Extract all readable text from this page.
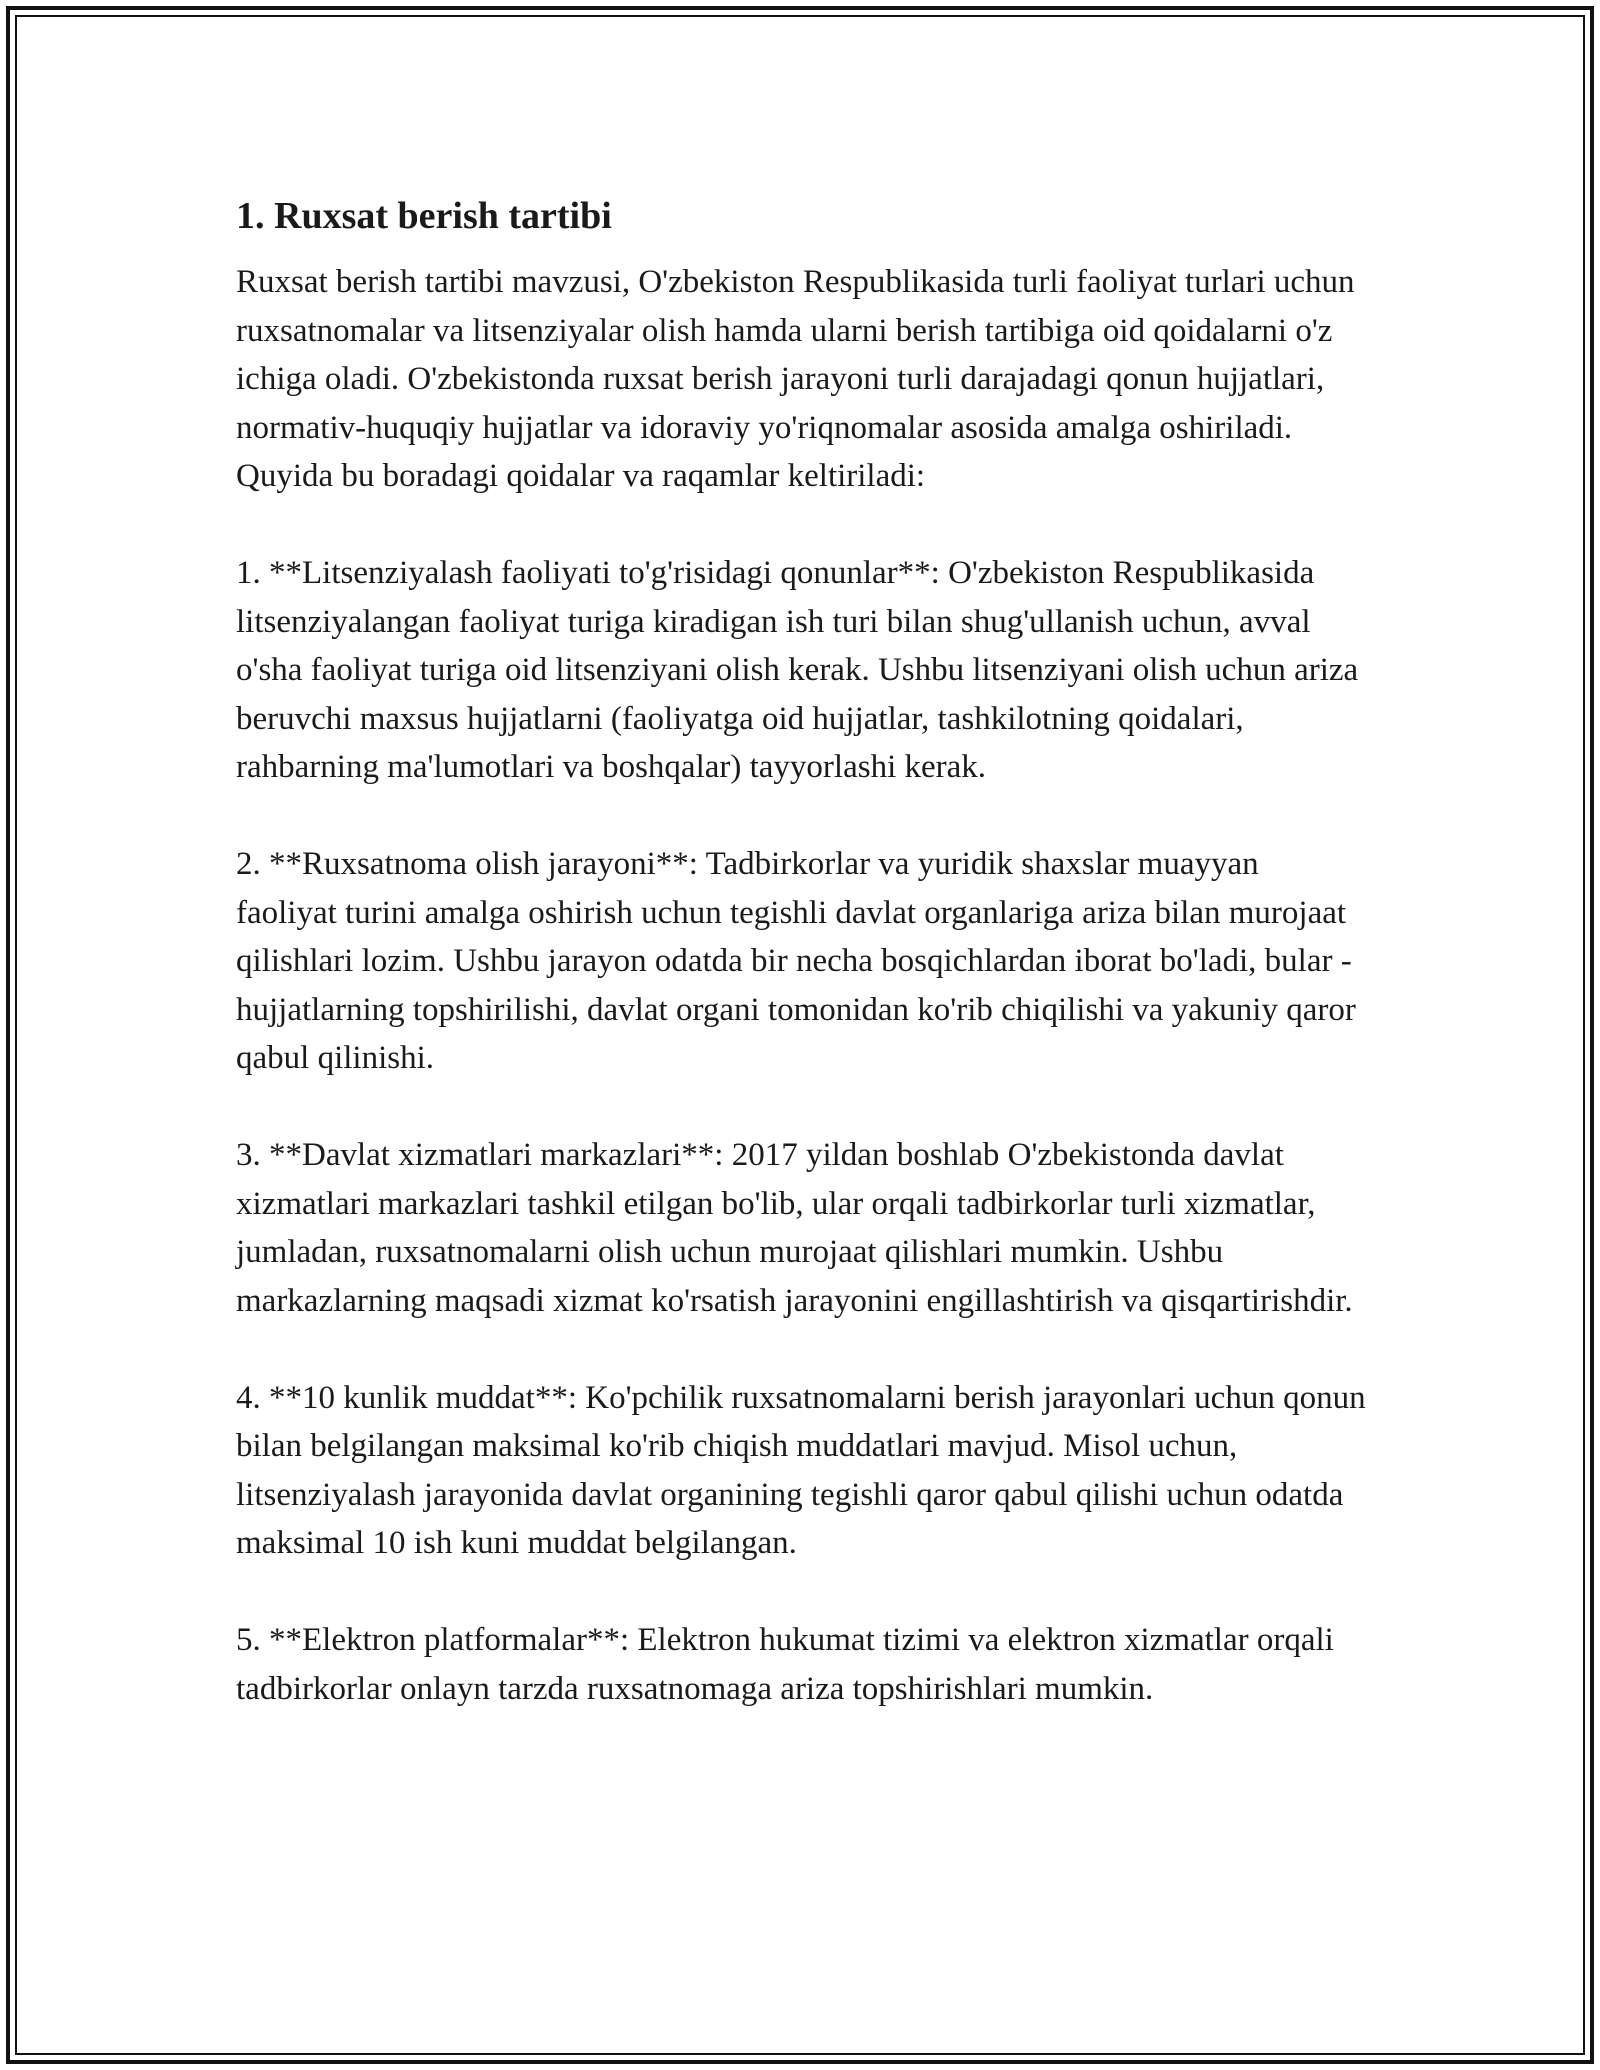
1. Ruxsat berish tartibi

Ruxsat berish tartibi mavzusi, O'zbekiston Respublikasida turli faoliyat turlari uchun ruxsatnomalar va litsenziyalar olish hamda ularni berish tartibiga oid qoidalarni o'z ichiga oladi. O'zbekistonda ruxsat berish jarayoni turli darajadagi qonun hujjatlari, normativ-huquqiy hujjatlar va idoraviy yo'riqnomalar asosida amalga oshiriladi. Quyida bu boradagi qoidalar va raqamlar keltiriladi:

1. **Litsenziyalash faoliyati to'g'risidagi qonunlar**: O'zbekiston Respublikasida litsenziyalangan faoliyat turiga kiradigan ish turi bilan shug'ullanish uchun, avval o'sha faoliyat turiga oid litsenziyani olish kerak. Ushbu litsenziyani olish uchun ariza beruvchi maxsus hujjatlarni (faoliyatga oid hujjatlar, tashkilotning qoidalari, rahbarning ma'lumotlari va boshqalar) tayyorlashi kerak.

2. **Ruxsatnoma olish jarayoni**: Tadbirkorlar va yuridik shaxslar muayyan faoliyat turini amalga oshirish uchun tegishli davlat organlariga ariza bilan murojaat qilishlari lozim. Ushbu jarayon odatda bir necha bosqichlardan iborat bo'ladi, bular - hujjatlarning topshirilishi, davlat organi tomonidan ko'rib chiqilishi va yakuniy qaror qabul qilinishi.

3. **Davlat xizmatlari markazlari**: 2017 yildan boshlab O'zbekistonda davlat xizmatlari markazlari tashkil etilgan bo'lib, ular orqali tadbirkorlar turli xizmatlar, jumladan, ruxsatnomalarni olish uchun murojaat qilishlari mumkin. Ushbu markazlarning maqsadi xizmat ko'rsatish jarayonini engillashtirish va qisqartirishdir.

4. **10 kunlik muddat**: Ko'pchilik ruxsatnomalarni berish jarayonlari uchun qonun bilan belgilangan maksimal ko'rib chiqish muddatlari mavjud. Misol uchun, litsenziyalash jarayonida davlat organining tegishli qaror qabul qilishi uchun odatda maksimal 10 ish kuni muddat belgilangan.

5. **Elektron platformalar**: Elektron hukumat tizimi va elektron xizmatlar orqali tadbirkorlar onlayn tarzda ruxsatnomaga ariza topshirishlari mumkin.
